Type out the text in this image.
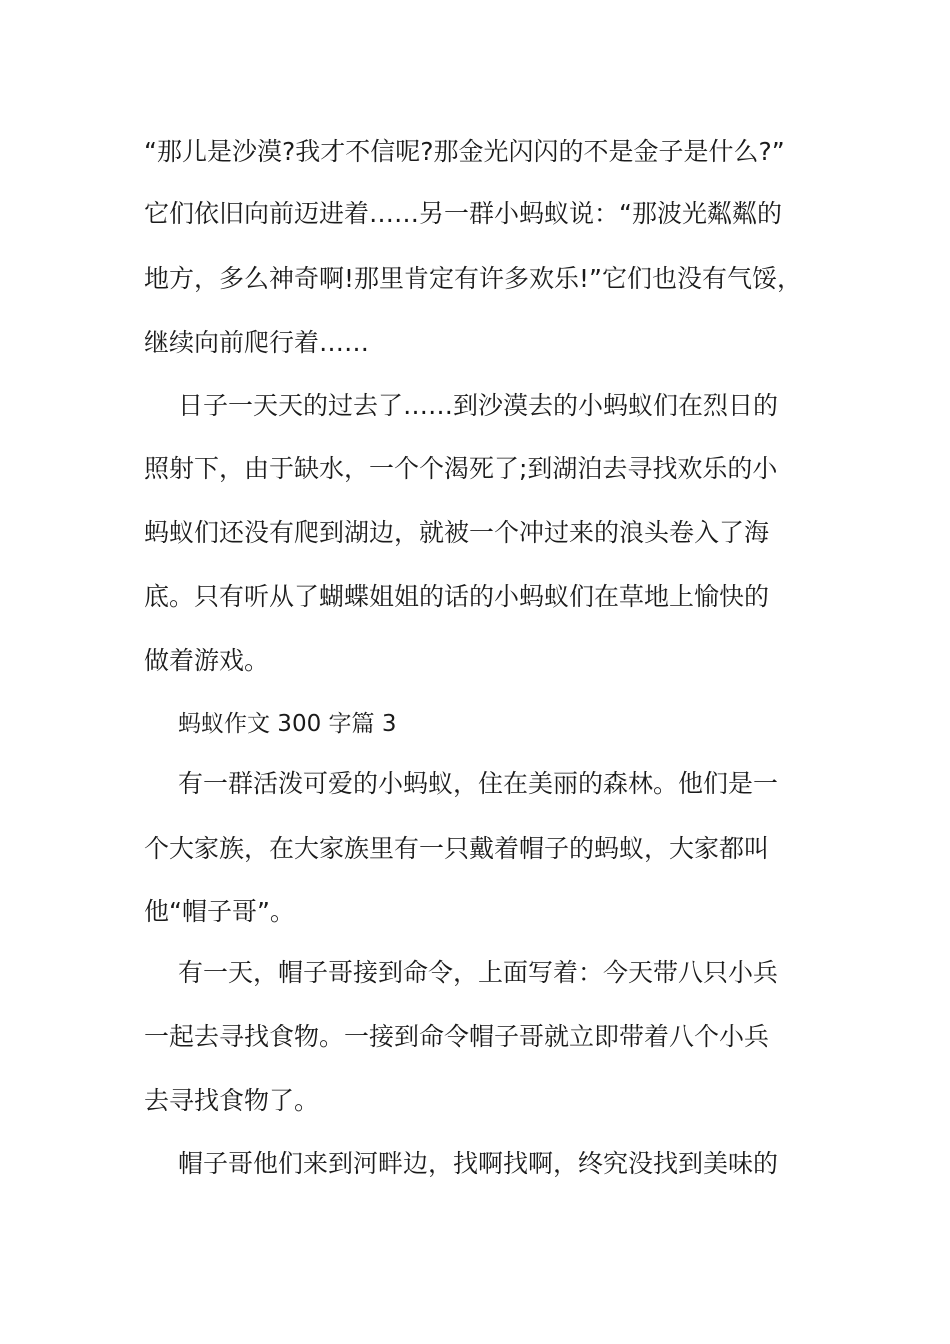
“那儿是沙漠?我才不信呢?那金光闪闪的不是金子是什么?”
它们依旧向前迈进着……另一群小蚂蚁说：“那波光粼粼的
地方，多么神奇啊!那里肯定有许多欢乐!”它们也没有气馁，
继续向前爬行着……
日子一天天的过去了……到沙漠去的小蚂蚁们在烈日的
照射下，由于缺水，一个个渴死了;到湖泊去寻找欢乐的小
蚂蚁们还没有爬到湖边，就被一个冲过来的浪头卷入了海
底。只有听从了蝴蝶姐姐的话的小蚂蚁们在草地上愉快的
做着游戏。
蚂蚁作文 300 字篇 3
有一群活泼可爱的小蚂蚁，住在美丽的森林。他们是一
个大家族，在大家族里有一只戴着帽子的蚂蚁，大家都叫
他“帽子哥”。
有一天，帽子哥接到命令，上面写着：今天带八只小兵
一起去寻找食物。一接到命令帽子哥就立即带着八个小兵
去寻找食物了。
帽子哥他们来到河畔边，找啊找啊，终究没找到美味的
